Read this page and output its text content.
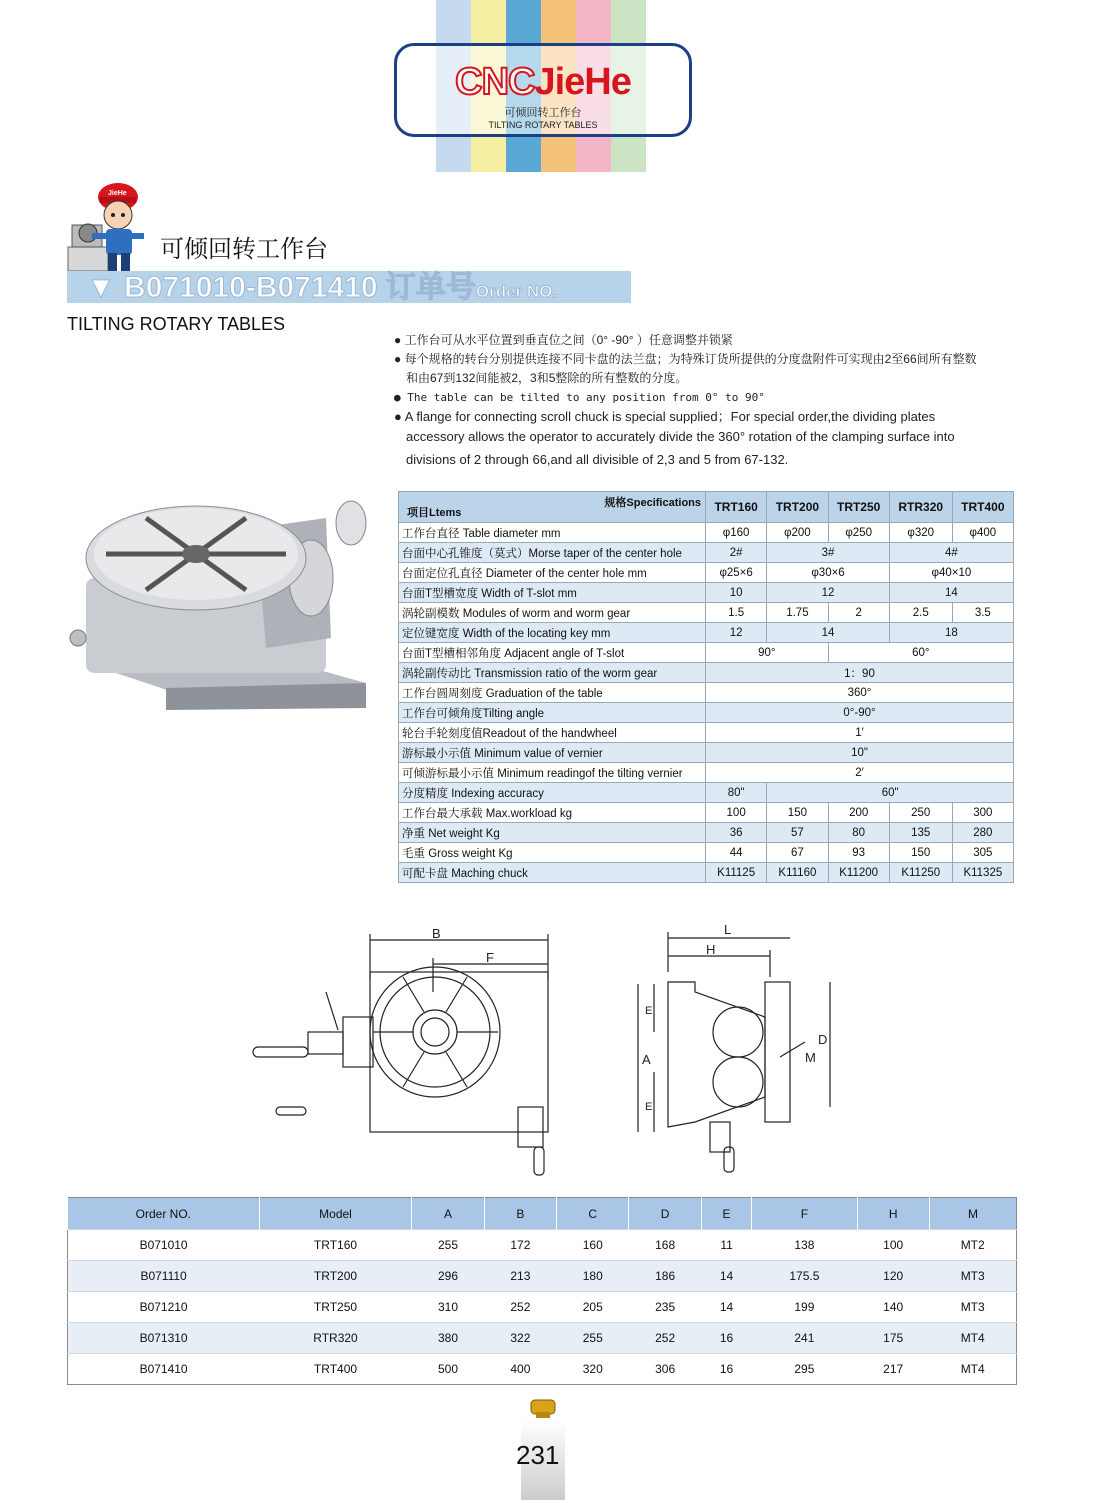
CNCJieHe
可倾回转工作台
TILTING ROTARY TABLES
JieHe
可倾回转工作台
▼ B071010-B071410 订单号Order NO.
TILTING ROTARY TABLES

● 工作台可从水平位置到垂直位之间（0° -90° ）任意调整并锁紧

● 每个规格的转台分别提供连接不同卡盘的法兰盘；为特殊订货所提供的分度盘附件可实现由2至66间所有整数

和由67到132间能被2，3和5整除的所有整数的分度。

● The table can be tilted to any position from 0° to 90°

● A flange for connecting scroll chuck is special supplied；For special order,the dividing plates

accessory allows the operator to accurately divide the 360° rotation of the clamping surface into

divisions of 2 through 66,and all divisible of 2,3 and 5 from 67-132.

规格Specifications
项目Ltems	TRT160	TRT200	TRT250	RTR320	TRT400
工作台直径 Table diameter mm	φ160	φ200	φ250	φ320	φ400
台面中心孔锥度（莫式）Morse taper of the center hole	2#	3#		4#	
台面定位孔直径 Diameter of the center hole mm	φ25×6	φ30×6		φ40×10	
台面T型槽宽度 Width of T-slot mm	10	12		14	
涡轮副模数 Modules of worm and worm gear	1.5	1.75	2	2.5	3.5
定位键宽度 Width of the locating key mm	12	14		18	
台面T型槽相邻角度 Adjacent angle of T-slot	90°		60°		
涡轮副传动比 Transmission ratio of the worm gear	1：90				
工作台圆周刻度 Graduation of the table	360°				
工作台可倾角度Tilting angle	0°-90°				
轮台手轮刻度值Readout of the handwheel	1′				
游标最小示值 Minimum value of vernier	10"				
可倾游标最小示值 Minimum readingof the tilting vernier	2′				
分度精度 Indexing accuracy	80"	60"			
工作台最大承载 Max.workload kg	100	150	200	250	300
净重 Net weight Kg	36	57	80	135	280
毛重 Gross weight Kg	44	67	93	150	305
可配卡盘 Maching chuck	K11125	K11160	K11200	K11250	K11325
B
F
L
H
A
E
E
D
M
Order NO.	Model	A	B	C	D	E	F	H	M
B071010	TRT160	255	172	160	168	11	138	100	MT2
B071110	TRT200	296	213	180	186	14	175.5	120	MT3
B071210	TRT250	310	252	205	235	14	199	140	MT3
B071310	RTR320	380	322	255	252	16	241	175	MT4
B071410	TRT400	500	400	320	306	16	295	217	MT4
231
